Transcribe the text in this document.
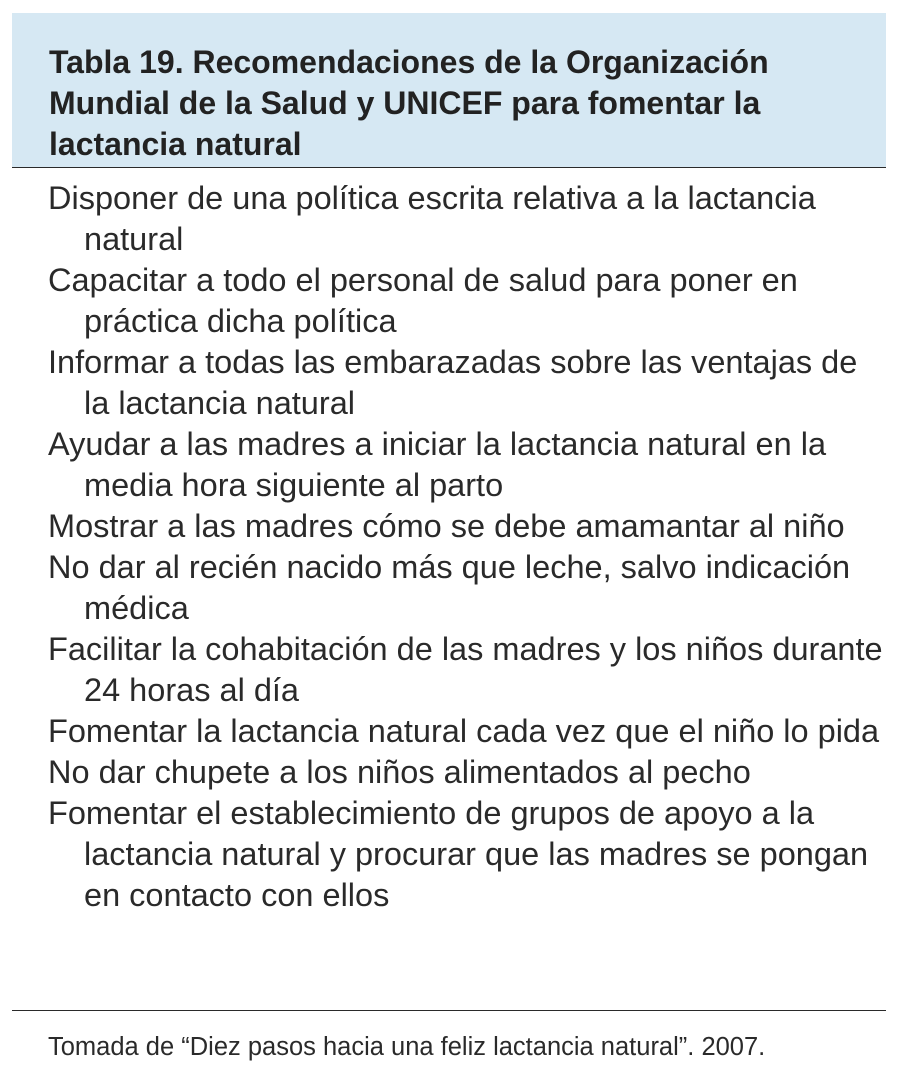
Tabla 19. Recomendaciones de la Organización Mundial de la Salud y UNICEF para fomentar la lactancia natural
Disponer de una política escrita relativa a la lactancia natural
Capacitar a todo el personal de salud para poner en práctica dicha política
Informar a todas las embarazadas sobre las ventajas de la lactancia natural
Ayudar a las madres a iniciar la lactancia natural en la media hora siguiente al parto
Mostrar a las madres cómo se debe amamantar al niño
No dar al recién nacido más que leche, salvo indicación médica
Facilitar la cohabitación de las madres y los niños durante 24 horas al día
Fomentar la lactancia natural cada vez que el niño lo pida
No dar chupete a los niños alimentados al pecho
Fomentar el establecimiento de grupos de apoyo a la lactancia natural y procurar que las madres se pongan en contacto con ellos

Tomada de “Diez pasos hacia una feliz lactancia natural”. 2007.
